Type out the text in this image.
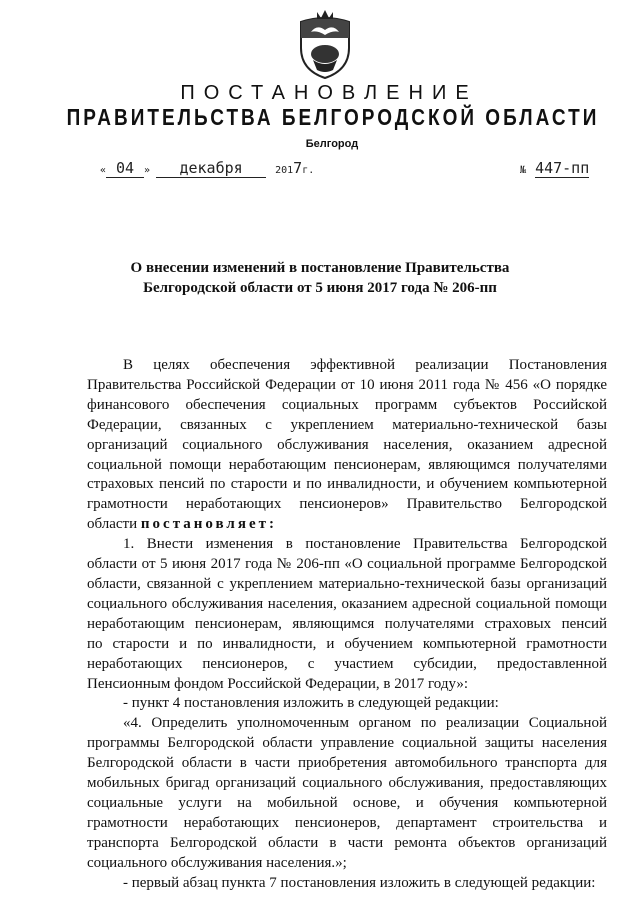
ПОСТАНОВЛЕНИЕ
ПРАВИТЕЛЬСТВА БЕЛГОРОДСКОЙ ОБЛАСТИ
Белгород
« 04 » декабря	2017г.	№ 447-пп
О внесении изменений в постановление Правительства
Белгородской области от 5 июня 2017 года № 206-пп

В целях обеспечения эффективной реализации Постановления

Правительства Российской Федерации от 10 июня 2011 года № 456 «О порядке

финансового обеспечения социальных программ субъектов Российской

Федерации, связанных с укреплением материально-технической базы

организаций социального обслуживания населения, оказанием адресной

социальной помощи неработающим пенсионерам, являющимся получателями

страховых пенсий по старости и по инвалидности, и обучением компьютерной

грамотности неработающих пенсионеров» Правительство Белгородской

области постановляет:

1. Внести изменения в постановление Правительства Белгородской

области от 5 июня 2017 года № 206-пп «О социальной программе Белгородской

области, связанной с укреплением материально-технической базы организаций

социального обслуживания населения, оказанием адресной социальной помощи

неработающим пенсионерам, являющимся получателями страховых пенсий

по старости и по инвалидности, и обучением компьютерной грамотности

неработающих пенсионеров, с участием субсидии, предоставленной

Пенсионным фондом Российской Федерации, в 2017 году»:

- пункт 4 постановления изложить в следующей редакции:

«4. Определить уполномоченным органом по реализации Социальной

программы Белгородской области управление социальной защиты населения

Белгородской области в части приобретения автомобильного транспорта для

мобильных бригад организаций социального обслуживания, предоставляющих

социальные услуги на мобильной основе, и обучения компьютерной

грамотности неработающих пенсионеров, департамент строительства и

транспорта Белгородской области в части ремонта объектов организаций

социального обслуживания населения.»;

- первый абзац пункта 7 постановления изложить в следующей редакции:
